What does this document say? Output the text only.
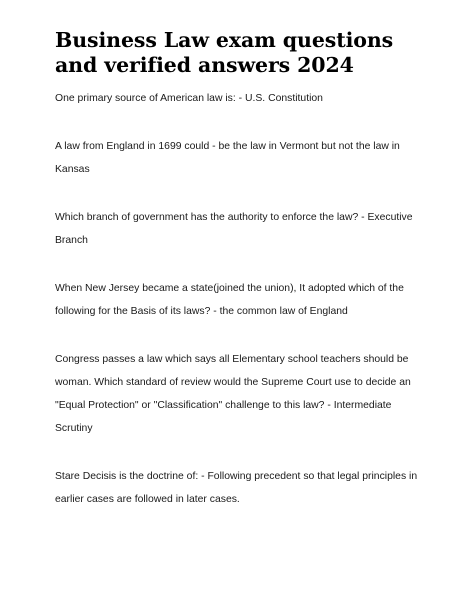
Business Law exam questions and verified answers 2024

One primary source of American law is: - U.S. Constitution

A law from England in 1699 could - be the law in Vermont but not the law in Kansas

Which branch of government has the authority to enforce the law? - Executive Branch

When New Jersey became a state(joined the union), It adopted which of the following for the Basis of its laws? - the common law of England

Congress passes a law which says all Elementary school teachers should be woman. Which standard of review would the Supreme Court use to decide an "Equal Protection" or "Classification" challenge to this law? - Intermediate Scrutiny

Stare Decisis is the doctrine of: - Following precedent so that legal principles in earlier cases are followed in later cases.
